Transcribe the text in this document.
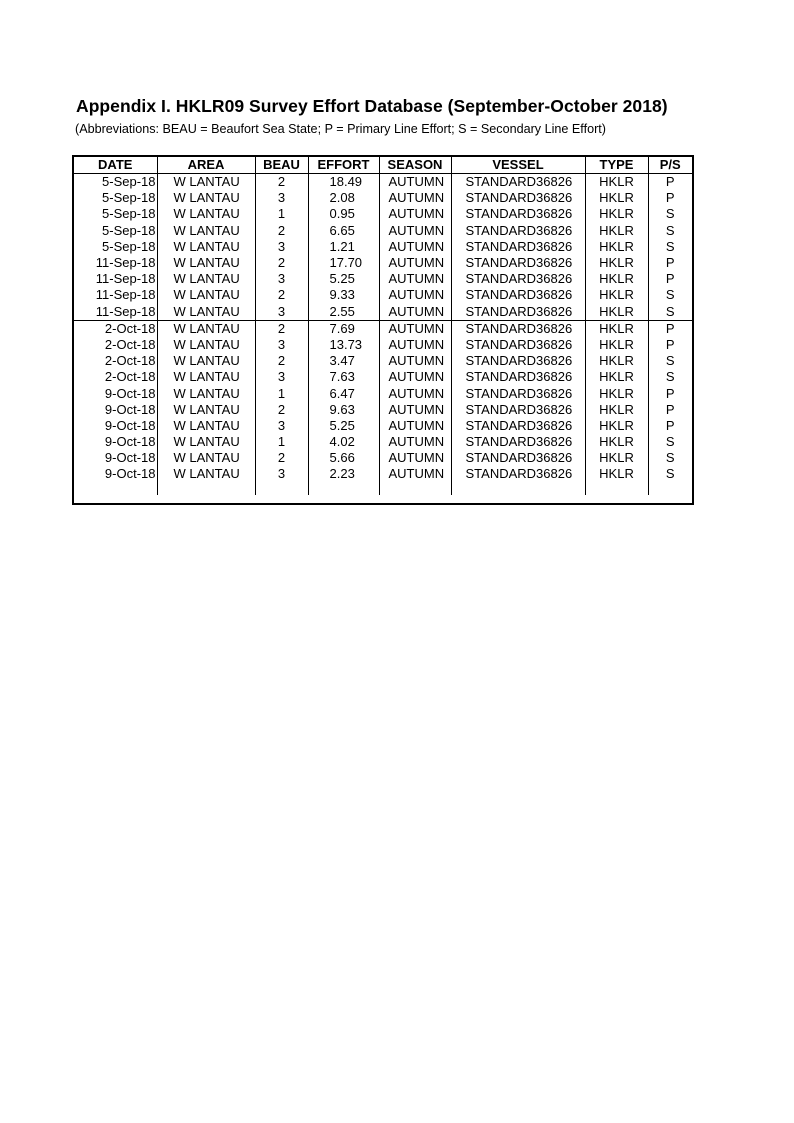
Appendix I. HKLR09 Survey Effort Database (September-October 2018)
(Abbreviations: BEAU = Beaufort Sea State; P = Primary Line Effort; S = Secondary Line Effort)
DATE	AREA	BEAU	EFFORT	SEASON	VESSEL	TYPE	P/S
5-Sep-18	W LANTAU	2	18.49	AUTUMN	STANDARD36826	HKLR	P
5-Sep-18	W LANTAU	3	2.08	AUTUMN	STANDARD36826	HKLR	P
5-Sep-18	W LANTAU	1	0.95	AUTUMN	STANDARD36826	HKLR	S
5-Sep-18	W LANTAU	2	6.65	AUTUMN	STANDARD36826	HKLR	S
5-Sep-18	W LANTAU	3	1.21	AUTUMN	STANDARD36826	HKLR	S
11-Sep-18	W LANTAU	2	17.70	AUTUMN	STANDARD36826	HKLR	P
11-Sep-18	W LANTAU	3	5.25	AUTUMN	STANDARD36826	HKLR	P
11-Sep-18	W LANTAU	2	9.33	AUTUMN	STANDARD36826	HKLR	S
11-Sep-18	W LANTAU	3	2.55	AUTUMN	STANDARD36826	HKLR	S
2-Oct-18	W LANTAU	2	7.69	AUTUMN	STANDARD36826	HKLR	P
2-Oct-18	W LANTAU	3	13.73	AUTUMN	STANDARD36826	HKLR	P
2-Oct-18	W LANTAU	2	3.47	AUTUMN	STANDARD36826	HKLR	S
2-Oct-18	W LANTAU	3	7.63	AUTUMN	STANDARD36826	HKLR	S
9-Oct-18	W LANTAU	1	6.47	AUTUMN	STANDARD36826	HKLR	P
9-Oct-18	W LANTAU	2	9.63	AUTUMN	STANDARD36826	HKLR	P
9-Oct-18	W LANTAU	3	5.25	AUTUMN	STANDARD36826	HKLR	P
9-Oct-18	W LANTAU	1	4.02	AUTUMN	STANDARD36826	HKLR	S
9-Oct-18	W LANTAU	2	5.66	AUTUMN	STANDARD36826	HKLR	S
9-Oct-18	W LANTAU	3	2.23	AUTUMN	STANDARD36826	HKLR	S
